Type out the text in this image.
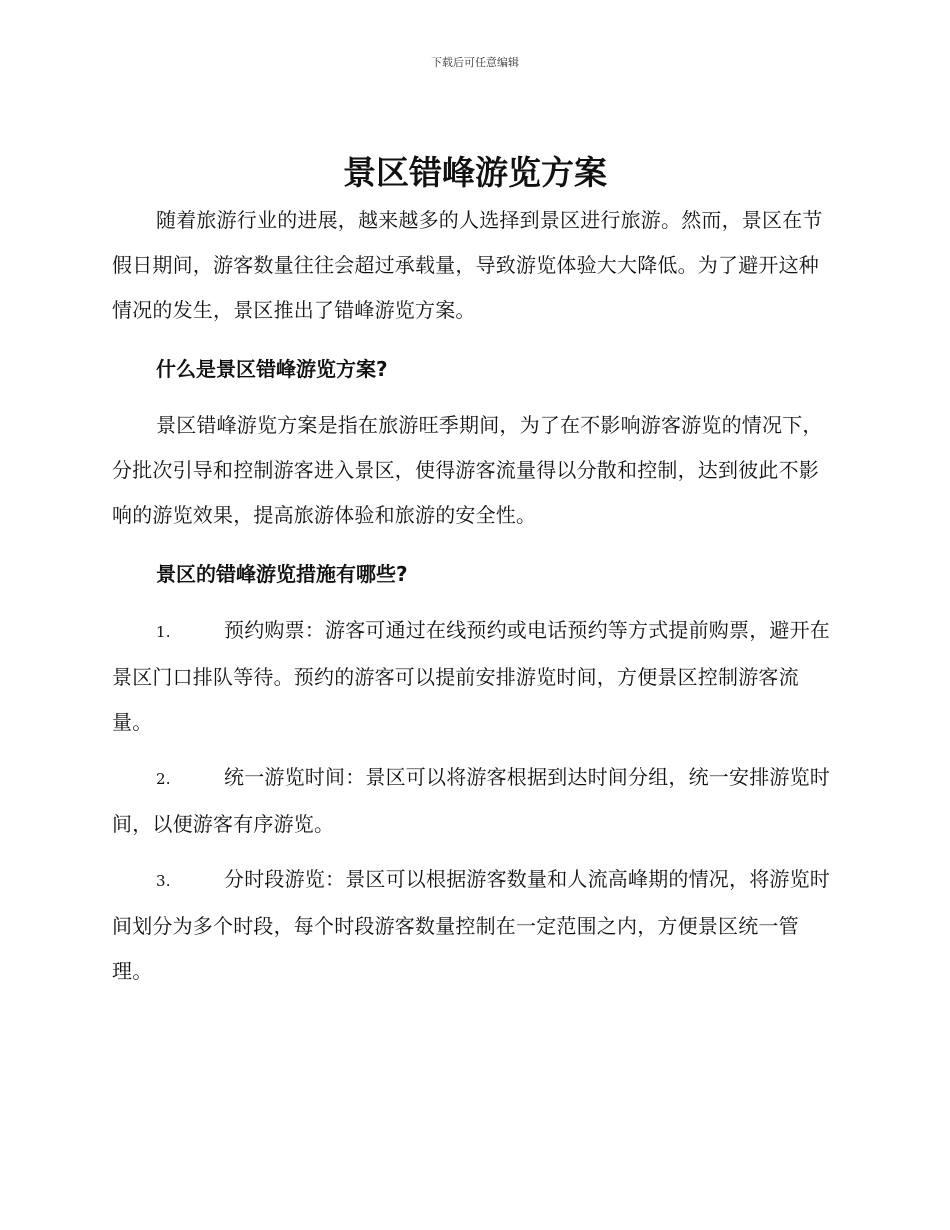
下载后可任意编辑
景区错峰游览方案

随着旅游行业的进展，越来越多的人选择到景区进行旅游。然而，景区在节假日期间，游客数量往往会超过承载量，导致游览体验大大降低。为了避开这种情况的发生，景区推出了错峰游览方案。

什么是景区错峰游览方案?

景区错峰游览方案是指在旅游旺季期间，为了在不影响游客游览的情况下，分批次引导和控制游客进入景区，使得游客流量得以分散和控制，达到彼此不影响的游览效果，提高旅游体验和旅游的安全性。

景区的错峰游览措施有哪些?

1.	预约购票：游客可通过在线预约或电话预约等方式提前购票，避开在景区门口排队等待。预约的游客可以提前安排游览时间，方便景区控制游客流量。

2.	统一游览时间：景区可以将游客根据到达时间分组，统一安排游览时间，以便游客有序游览。

3.	分时段游览：景区可以根据游客数量和人流高峰期的情况，将游览时间划分为多个时段，每个时段游客数量控制在一定范围之内，方便景区统一管理。
